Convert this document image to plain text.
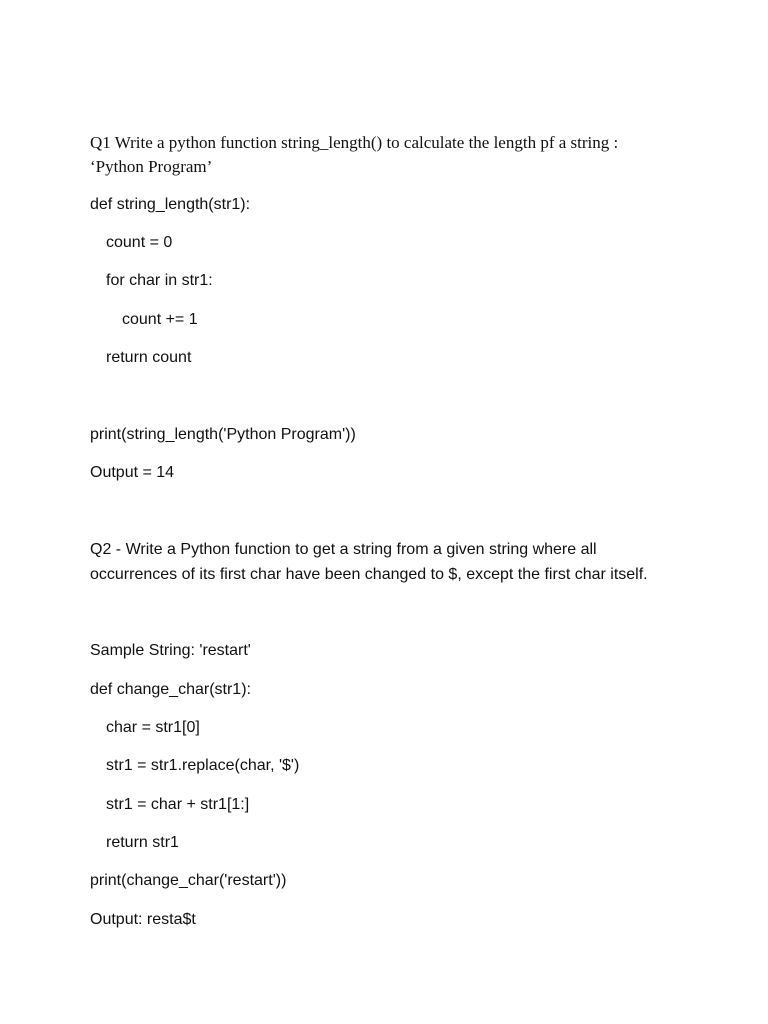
Q1 Write a python function string_length() to calculate the length pf a string :

‘Python Program’

def string_length(str1):

count = 0

for char in str1:

count += 1

return count

print(string_length('Python Program'))

Output = 14

Q2 - Write a Python function to get a string from a given string where all

occurrences of its first char have been changed to $, except the first char itself.

Sample String: 'restart'

def change_char(str1):

char = str1[0]

str1 = str1.replace(char, '$')

str1 = char + str1[1:]

return str1

print(change_char('restart'))

Output: resta$t
